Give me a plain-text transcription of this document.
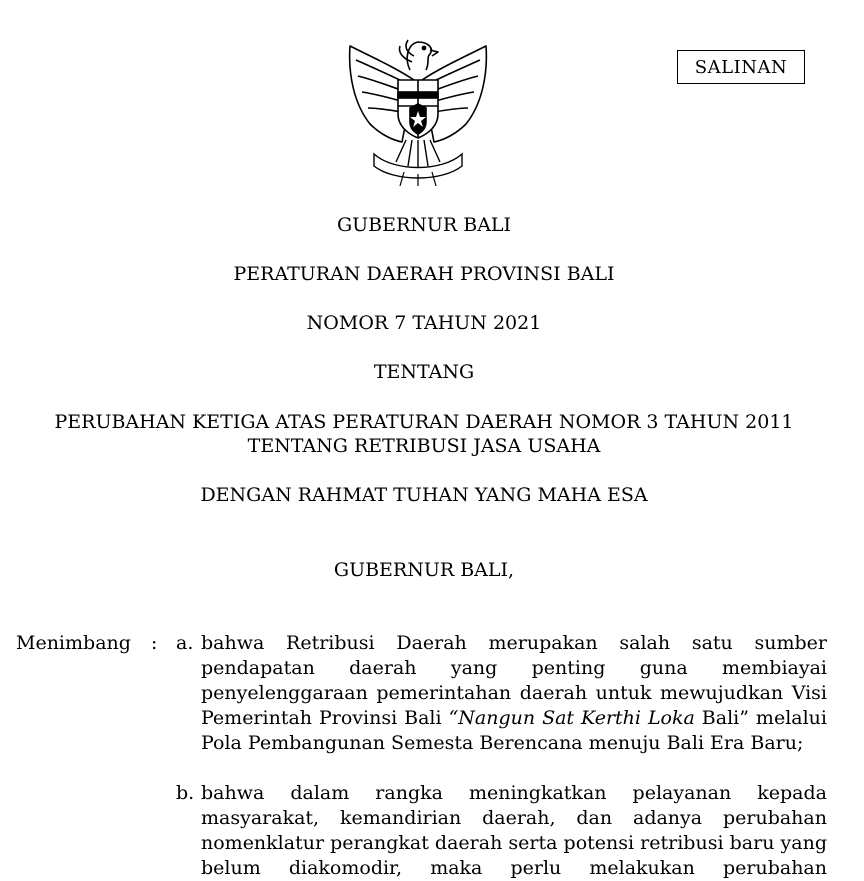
SALINAN
GUBERNUR BALI
PERATURAN DAERAH PROVINSI BALI
NOMOR 7 TAHUN 2021
TENTANG
PERUBAHAN KETIGA ATAS PERATURAN DAERAH NOMOR 3 TAHUN 2011
TENTANG RETRIBUSI JASA USAHA
DENGAN RAHMAT TUHAN YANG MAHA ESA
GUBERNUR BALI,
Menimbang : a. bahwa Retribusi Daerah merupakan salah satu sumber pendapatan daerah yang penting guna membiayai penyelenggaraan pemerintahan daerah untuk mewujudkan Visi Pemerintah Provinsi Bali “Nangun Sat Kerthi Loka Bali” melalui Pola Pembangunan Semesta Berencana menuju Bali Era Baru;
b. bahwa dalam rangka meningkatkan pelayanan kepada masyarakat, kemandirian daerah, dan adanya perubahan nomenklatur perangkat daerah serta potensi retribusi baru yang belum diakomodir, maka perlu melakukan perubahan
